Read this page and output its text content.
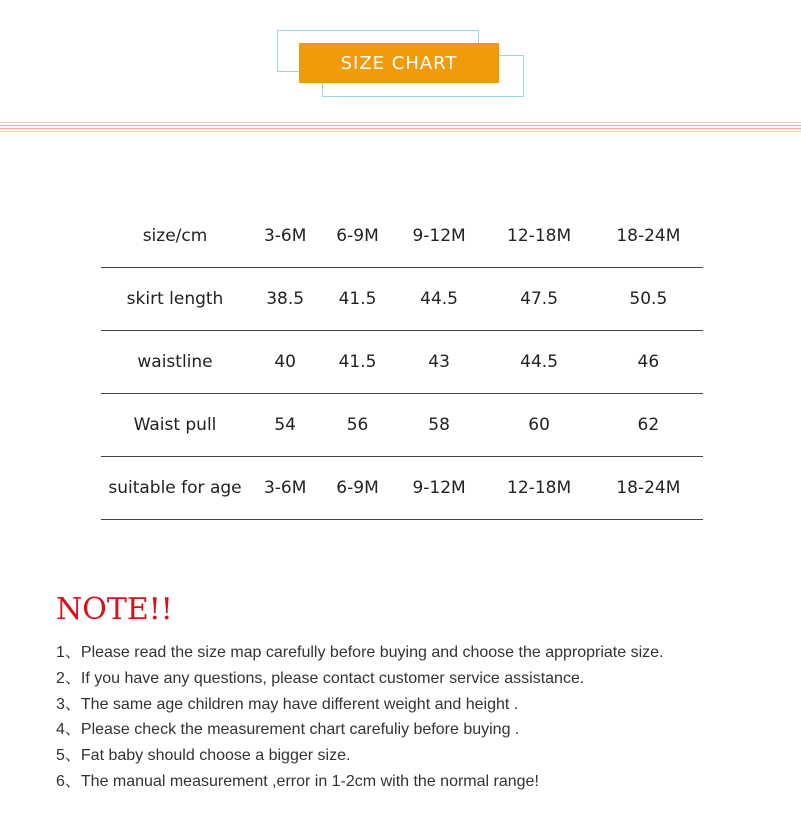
SIZE CHART
size/cm	3-6M	6-9M	9-12M	12-18M	18-24M
skirt length	38.5	41.5	44.5	47.5	50.5
waistline	40	41.5	43	44.5	46
Waist pull	54	56	58	60	62
suitable for age	3-6M	6-9M	9-12M	12-18M	18-24M
NOTE!!
1、Please read the size map carefully before buying and choose the appropriate size.
2、If you have any questions, please contact customer service assistance.
3、The same age children may have different weight and height .
4、Please check the measurement chart carefuliy before buying .
5、Fat baby should choose a bigger size.
6、The manual measurement ,error in 1-2cm with the normal range!
